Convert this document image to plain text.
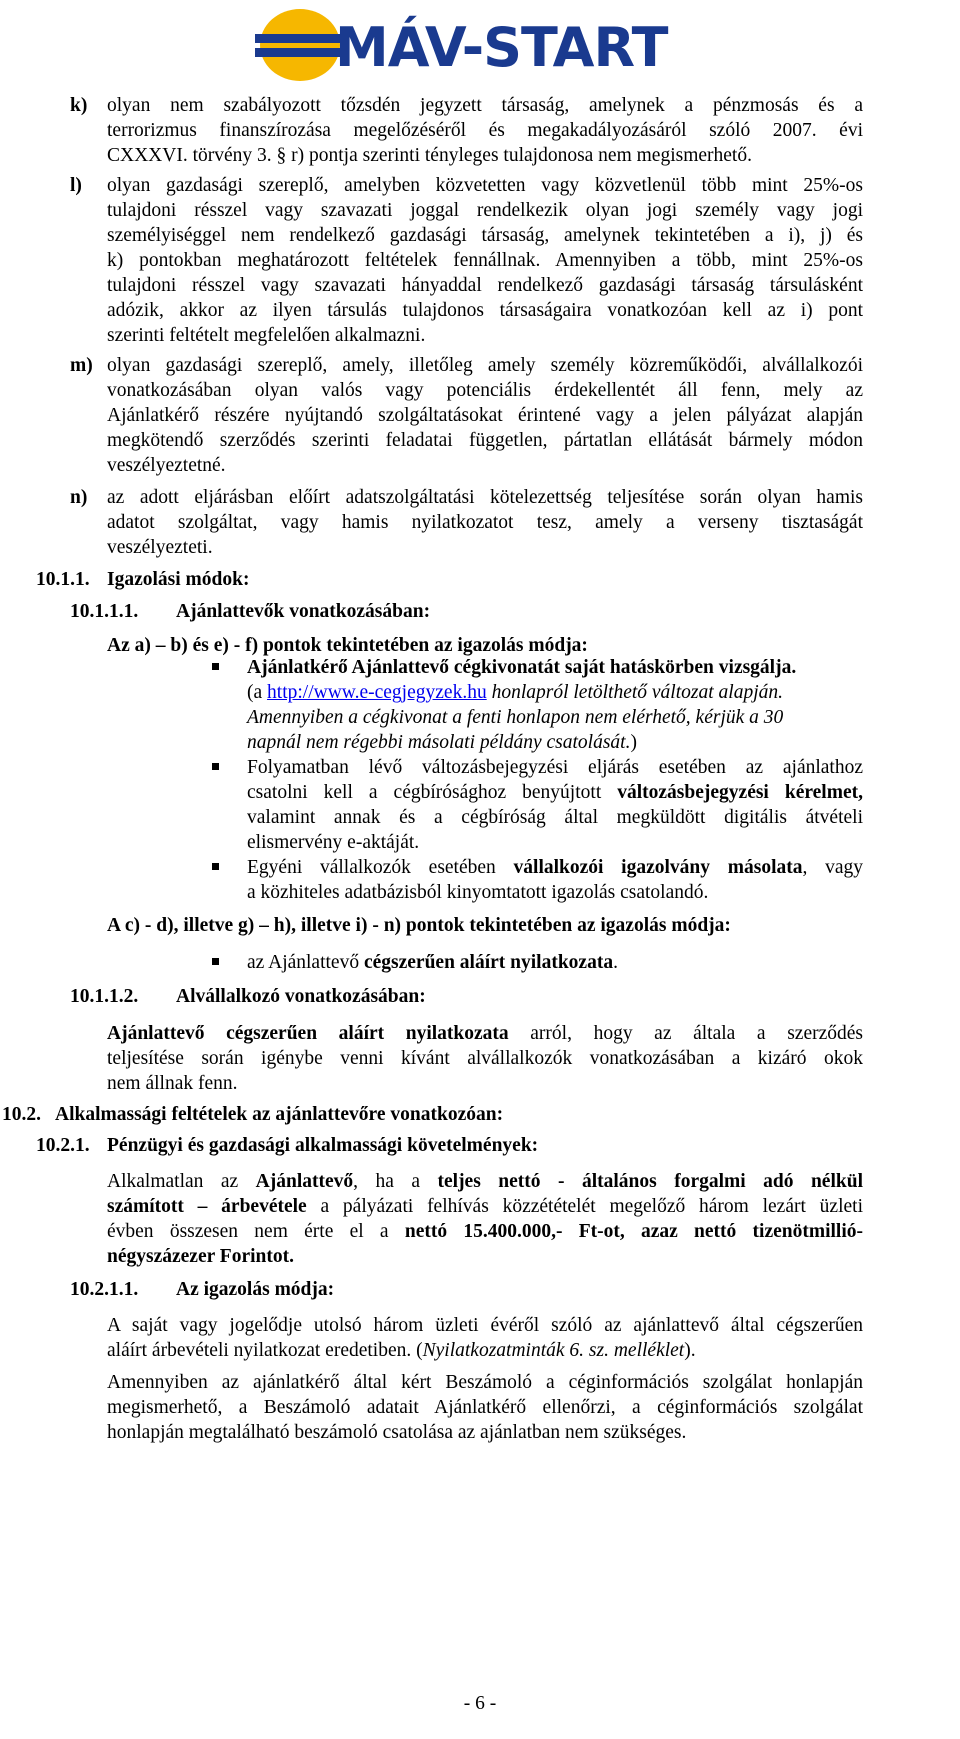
MÁV-START
k) olyan nem szabályozott tőzsdén jegyzett társaság, amelynek a pénzmosás és a
terrorizmus finanszírozása megelőzéséről és megakadályozásáról szóló 2007. évi
CXXXVI. törvény 3. § r) pontja szerinti tényleges tulajdonosa nem megismerhető.
l) olyan gazdasági szereplő, amelyben közvetetten vagy közvetlenül több mint 25%-os
tulajdoni résszel vagy szavazati joggal rendelkezik olyan jogi személy vagy jogi
személyiséggel nem rendelkező gazdasági társaság, amelynek tekintetében a i), j) és
k) pontokban meghatározott feltételek fennállnak. Amennyiben a több, mint 25%-os
tulajdoni résszel vagy szavazati hányaddal rendelkező gazdasági társaság társulásként
adózik, akkor az ilyen társulás tulajdonos társaságaira vonatkozóan kell az i) pont
szerinti feltételt megfelelően alkalmazni.
m) olyan gazdasági szereplő, amely, illetőleg amely személy közreműködői, alvállalkozói
vonatkozásában olyan valós vagy potenciális érdekellentét áll fenn, mely az
Ajánlatkérő részére nyújtandó szolgáltatásokat érintené vagy a jelen pályázat alapján
megkötendő szerződés szerinti feladatai független, pártatlan ellátását bármely módon
veszélyeztetné.
n) az adott eljárásban előírt adatszolgáltatási kötelezettség teljesítése során olyan hamis
adatot szolgáltat, vagy hamis nyilatkozatot tesz, amely a verseny tisztaságát
veszélyezteti.
10.1.1. Igazolási módok:
10.1.1.1. Ajánlattevők vonatkozásában:
Az a) – b) és e) - f) pontok tekintetében az igazolás módja:
Ajánlatkérő Ajánlattevő cégkivonatát saját hatáskörben vizsgálja.
(a http://www.e-cegjegyzek.hu honlapról letölthető változat alapján.
Amennyiben a cégkivonat a fenti honlapon nem elérhető, kérjük a 30
napnál nem régebbi másolati példány csatolását.)
Folyamatban lévő változásbejegyzési eljárás esetében az ajánlathoz
csatolni kell a cégbírósághoz benyújtott változásbejegyzési kérelmet,
valamint annak és a cégbíróság által megküldött digitális átvételi
elismervény e-aktáját.
Egyéni vállalkozók esetében vállalkozói igazolvány másolata, vagy
a közhiteles adatbázisból kinyomtatott igazolás csatolandó.
A c) - d), illetve g) – h), illetve i) - n) pontok tekintetében az igazolás módja:
az Ajánlattevő cégszerűen aláírt nyilatkozata.
10.1.1.2. Alvállalkozó vonatkozásában:
Ajánlattevő cégszerűen aláírt nyilatkozata arról, hogy az általa a szerződés
teljesítése során igénybe venni kívánt alvállalkozók vonatkozásában a kizáró okok
nem állnak fenn.
10.2. Alkalmassági feltételek az ajánlattevőre vonatkozóan:
10.2.1. Pénzügyi és gazdasági alkalmassági követelmények:
Alkalmatlan az Ajánlattevő, ha a teljes nettó - általános forgalmi adó nélkül
számított – árbevétele a pályázati felhívás közzétételét megelőző három lezárt üzleti
évben összesen nem érte el a nettó 15.400.000,- Ft-ot, azaz nettó tizenötmillió-
négyszázezer Forintot.
10.2.1.1. Az igazolás módja:
A saját vagy jogelődje utolsó három üzleti évéről szóló az ajánlattevő által cégszerűen
aláírt árbevételi nyilatkozat eredetiben. (Nyilatkozatminták 6. sz. melléklet).
Amennyiben az ajánlatkérő által kért Beszámoló a céginformációs szolgálat honlapján
megismerhető, a Beszámoló adatait Ajánlatkérő ellenőrzi, a céginformációs szolgálat
honlapján megtalálható beszámoló csatolása az ajánlatban nem szükséges.
- 6 -
